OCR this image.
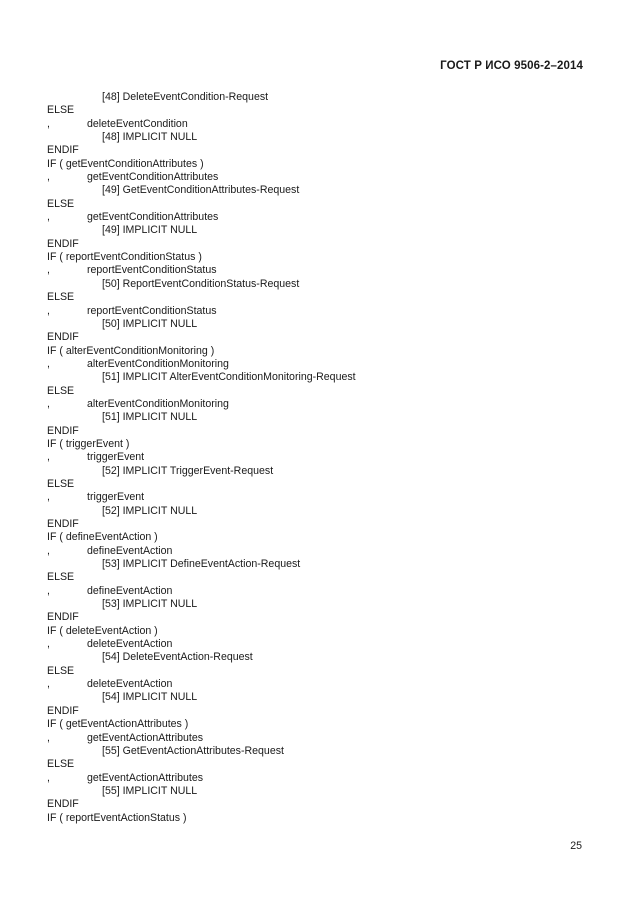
ГОСТ Р ИСО 9506-2–2014
[48] DeleteEventCondition-Request
ELSE
,	deleteEventCondition
[48] IMPLICIT NULL
ENDIF
IF ( getEventConditionAttributes )
,	getEventConditionAttributes
[49] GetEventConditionAttributes-Request
ELSE
,	getEventConditionAttributes
[49] IMPLICIT NULL
ENDIF
IF ( reportEventConditionStatus )
,	reportEventConditionStatus
[50] ReportEventConditionStatus-Request
ELSE
,	reportEventConditionStatus
[50] IMPLICIT NULL
ENDIF
IF ( alterEventConditionMonitoring )
,	alterEventConditionMonitoring
[51] IMPLICIT AlterEventConditionMonitoring-Request
ELSE
,	alterEventConditionMonitoring
[51] IMPLICIT NULL
ENDIF
IF ( triggerEvent )
,	triggerEvent
[52] IMPLICIT TriggerEvent-Request
ELSE
,	triggerEvent
[52] IMPLICIT NULL
ENDIF
IF ( defineEventAction )
,	defineEventAction
[53] IMPLICIT DefineEventAction-Request
ELSE
,	defineEventAction
[53] IMPLICIT NULL
ENDIF
IF ( deleteEventAction )
,	deleteEventAction
[54] DeleteEventAction-Request
ELSE
,	deleteEventAction
[54] IMPLICIT NULL
ENDIF
IF ( getEventActionAttributes )
,	getEventActionAttributes
[55] GetEventActionAttributes-Request
ELSE
,	getEventActionAttributes
[55] IMPLICIT NULL
ENDIF
IF ( reportEventActionStatus )
25
